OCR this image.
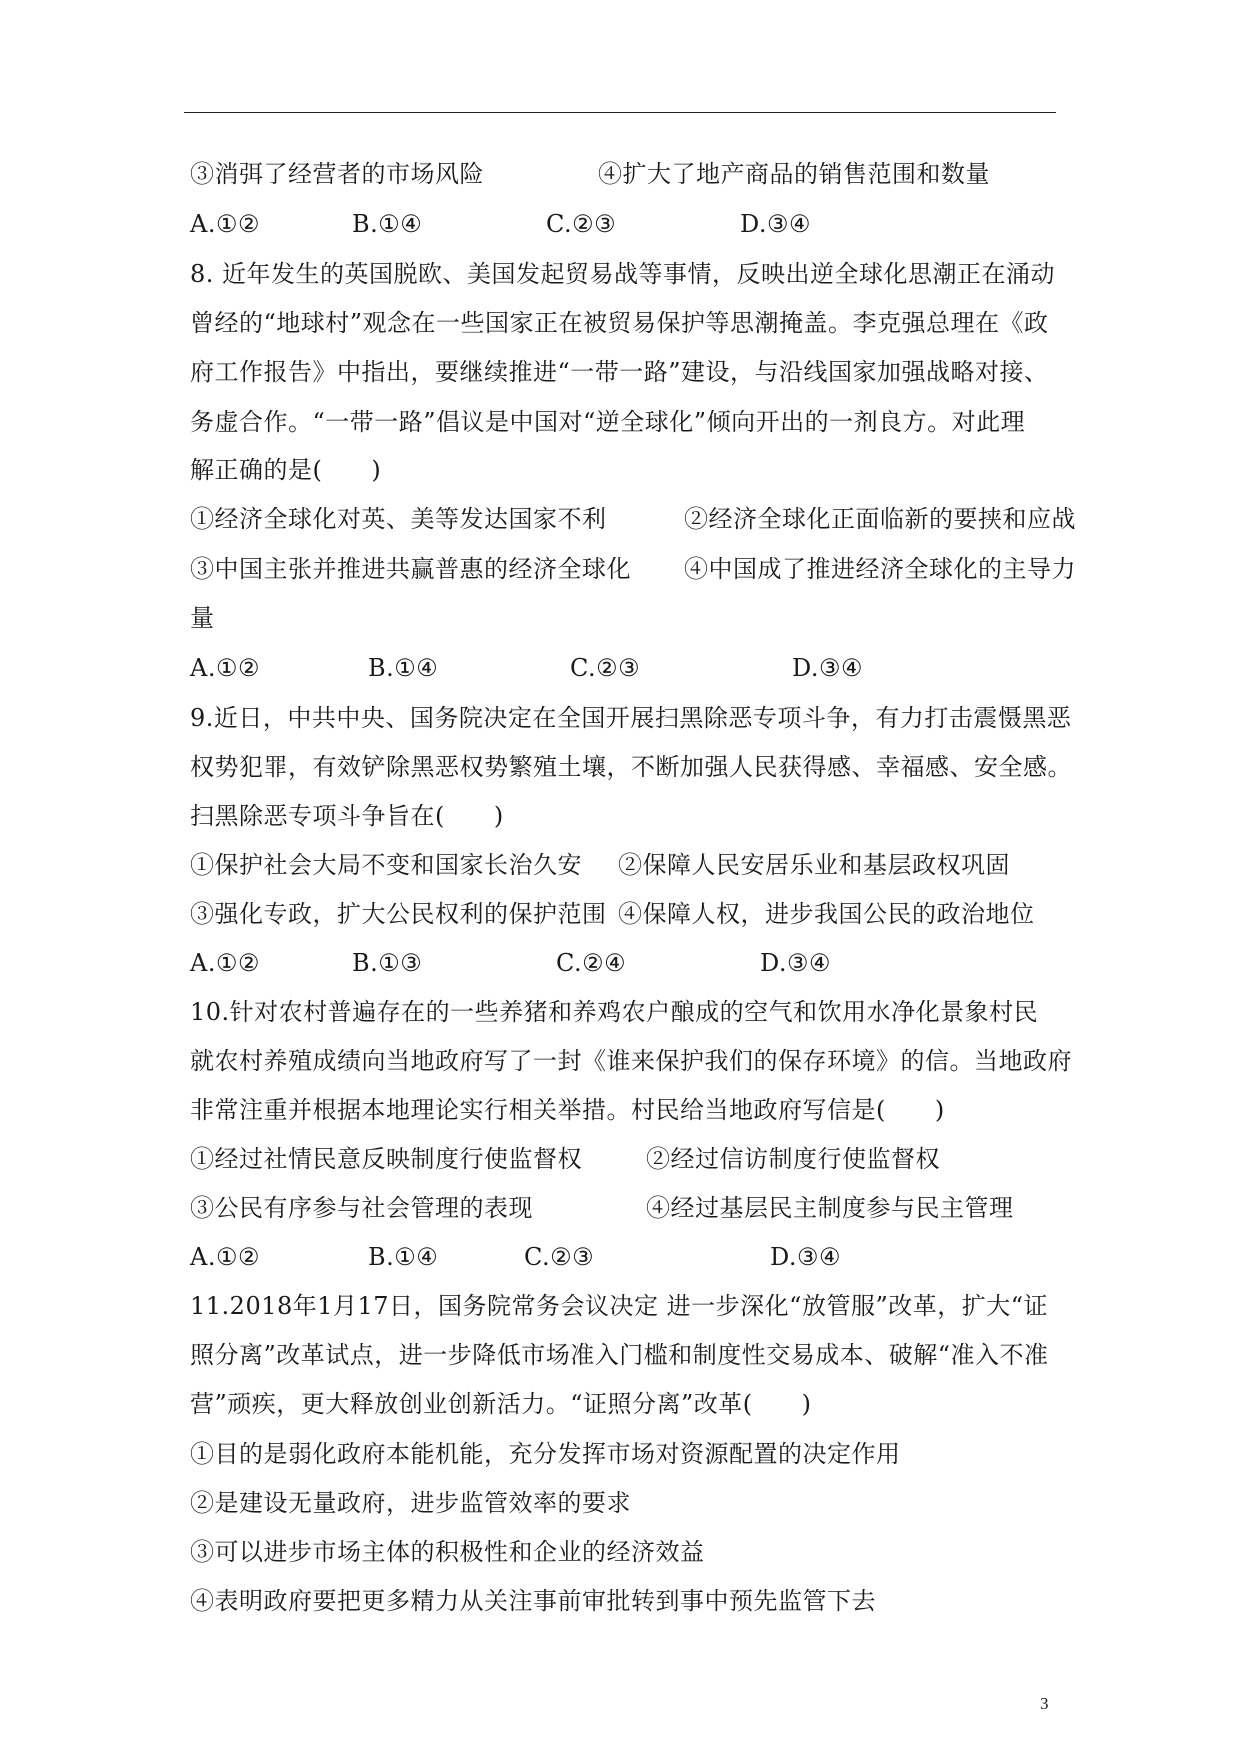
③消弭了经营者的市场风险	④扩大了地产商品的销售范围和数量
A.①②	B.①④	C.②③	D.③④
8. 近年发生的英国脱欧、美国发起贸易战等事情，反映出逆全球化思潮正在涌动
曾经的“地球村”观念在一些国家正在被贸易保护等思潮掩盖。李克强总理在《政
府工作报告》中指出，要继续推进“一带一路”建设，与沿线国家加强战略对接、
务虚合作。“一带一路”倡议是中国对“逆全球化”倾向开出的一剂良方。对此理
解正确的是(　　)
①经济全球化对英、美等发达国家不利	②经济全球化正面临新的要挟和应战
③中国主张并推进共赢普惠的经济全球化 ④中国成了推进经济全球化的主导力
量
A.①②	B.①④	C.②③	D.③④
9.近日，中共中央、国务院决定在全国开展扫黑除恶专项斗争，有力打击震慑黑恶
权势犯罪，有效铲除黑恶权势繁殖土壤，不断加强人民获得感、幸福感、安全感。
扫黑除恶专项斗争旨在(　　)
①保护社会大局不变和国家长治久安 ②保障人民安居乐业和基层政权巩固
③强化专政，扩大公民权利的保护范围 ④保障人权，进步我国公民的政治地位
A.①②	B.①③	C.②④	D.③④
10.针对农村普遍存在的一些养猪和养鸡农户酿成的空气和饮用水净化景象村民
就农村养殖成绩向当地政府写了一封《谁来保护我们的保存环境》的信。当地政府
非常注重并根据本地理论实行相关举措。村民给当地政府写信是(　　)
①经过社情民意反映制度行使监督权	②经过信访制度行使监督权
③公民有序参与社会管理的表现	④经过基层民主制度参与民主管理
A.①②	B.①④	C.②③	D.③④
11.2018年1月17日，国务院常务会议决定 进一步深化“放管服”改革，扩大“证
照分离”改革试点，进一步降低市场准入门槛和制度性交易成本、破解“准入不准
营”顽疾，更大释放创业创新活力。“证照分离”改革(　　)
①目的是弱化政府本能机能，充分发挥市场对资源配置的决定作用
②是建设无量政府，进步监管效率的要求
③可以进步市场主体的积极性和企业的经济效益
④表明政府要把更多精力从关注事前审批转到事中预先监管下去
3
